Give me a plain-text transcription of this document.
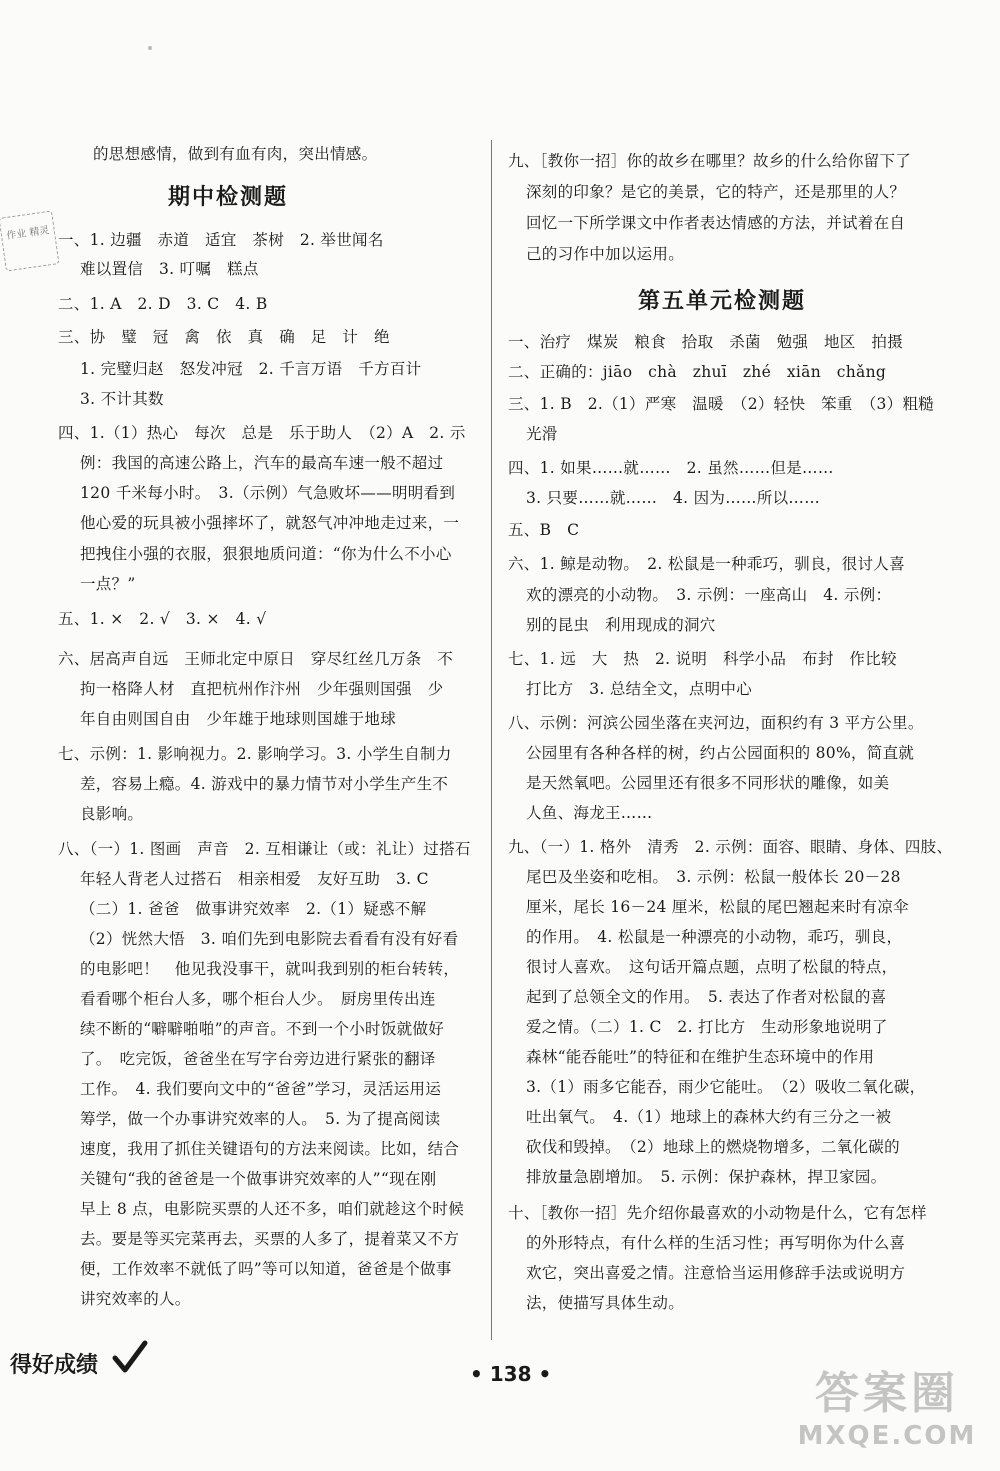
作业 精灵
的思想感情，做到有血有肉，突出情感。
期中检测题
一、1. 边疆　赤道　适宜　茶树　2. 举世闻名
难以置信　3. 叮嘱　糕点
二、1. A　2. D　3. C　4. B
三、协　璧　冠　禽　依　真　确　足　计　绝
1. 完璧归赵　怒发冲冠　2. 千言万语　千方百计
3. 不计其数
四、1.（1）热心　每次　总是　乐于助人　（2）A　2. 示
例：我国的高速公路上，汽车的最高车速一般不超过
120 千米每小时。　3.（示例）气急败坏——明明看到
他心爱的玩具被小强摔坏了，就怒气冲冲地走过来，一
把拽住小强的衣服，狠狠地质问道：“你为什么不小心
一点？”
五、1. ×　2. √　3. ×　4. √
六、居高声自远　王师北定中原日　穿尽红丝几万条　不
拘一格降人材　直把杭州作汴州　少年强则国强　少
年自由则国自由　少年雄于地球则国雄于地球
七、示例：1. 影响视力。2. 影响学习。3. 小学生自制力
差，容易上瘾。4. 游戏中的暴力情节对小学生产生不
良影响。
八、（一）1. 图画　声音　2. 互相谦让（或：礼让）过搭石
年轻人背老人过搭石　相亲相爱　友好互助　3. C
（二）1. 爸爸　做事讲究效率　2.（1）疑惑不解
（2）恍然大悟　3. 咱们先到电影院去看看有没有好看
的电影吧！　他见我没事干，就叫我到别的柜台转转，
看看哪个柜台人多，哪个柜台人少。　厨房里传出连
续不断的“噼噼啪啪”的声音。不到一个小时饭就做好
了。　吃完饭，爸爸坐在写字台旁边进行紧张的翻译
工作。　4. 我们要向文中的“爸爸”学习，灵活运用运
筹学，做一个办事讲究效率的人。　5. 为了提高阅读
速度，我用了抓住关键语句的方法来阅读。比如，结合
关键句“我的爸爸是一个做事讲究效率的人”“现在刚
早上 8 点，电影院买票的人还不多，咱们就趁这个时候
去。要是等买完菜再去，买票的人多了，提着菜又不方
便，工作效率不就低了吗”等可以知道，爸爸是个做事
讲究效率的人。
九、［教你一招］你的故乡在哪里？故乡的什么给你留下了
深刻的印象？是它的美景，它的特产，还是那里的人？
回忆一下所学课文中作者表达情感的方法，并试着在自
己的习作中加以运用。
第五单元检测题
一、治疗　煤炭　粮食　拾取　杀菌　勉强　地区　拍摄
二、正确的：jiāo　chà　zhuī　zhé　xiān　chǎng
三、1. B　2.（1）严寒　温暖　（2）轻快　笨重　（3）粗糙
光滑
四、1. 如果……就……　2. 虽然……但是……
3. 只要……就……　4. 因为……所以……
五、B　C
六、1. 鲸是动物。　2. 松鼠是一种乖巧，驯良，很讨人喜
欢的漂亮的小动物。　3. 示例：一座高山　4. 示例：
别的昆虫　利用现成的洞穴
七、1. 远　大　热　2. 说明　科学小品　布封　作比较
打比方　3. 总结全文，点明中心
八、示例：河滨公园坐落在夹河边，面积约有 3 平方公里。
公园里有各种各样的树，约占公园面积的 80%，简直就
是天然氧吧。公园里还有很多不同形状的雕像，如美
人鱼、海龙王……
九、（一）1. 格外　清秀　2. 示例：面容、眼睛、身体、四肢、
尾巴及坐姿和吃相。　3. 示例：松鼠一般体长 20－28
厘米，尾长 16－24 厘米，松鼠的尾巴翘起来时有凉伞
的作用。　4. 松鼠是一种漂亮的小动物，乖巧，驯良，
很讨人喜欢。　这句话开篇点题，点明了松鼠的特点，
起到了总领全文的作用。　5. 表达了作者对松鼠的喜
爱之情。（二）1. C　2. 打比方　生动形象地说明了
森林“能吞能吐”的特征和在维护生态环境中的作用
3.（1）雨多它能吞，雨少它能吐。　（2）吸收二氧化碳，
吐出氧气。　4.（1）地球上的森林大约有三分之一被
砍伐和毁掉。　（2）地球上的燃烧物增多，二氧化碳的
排放量急剧增加。　5. 示例：保护森林，捍卫家园。
十、［教你一招］先介绍你最喜欢的小动物是什么，它有怎样
的外形特点，有什么样的生活习性；再写明你为什么喜
欢它，突出喜爱之情。注意恰当运用修辞手法或说明方
法，使描写具体生动。
得好成绩	• 138 •	答案圈
MXQE.COM
